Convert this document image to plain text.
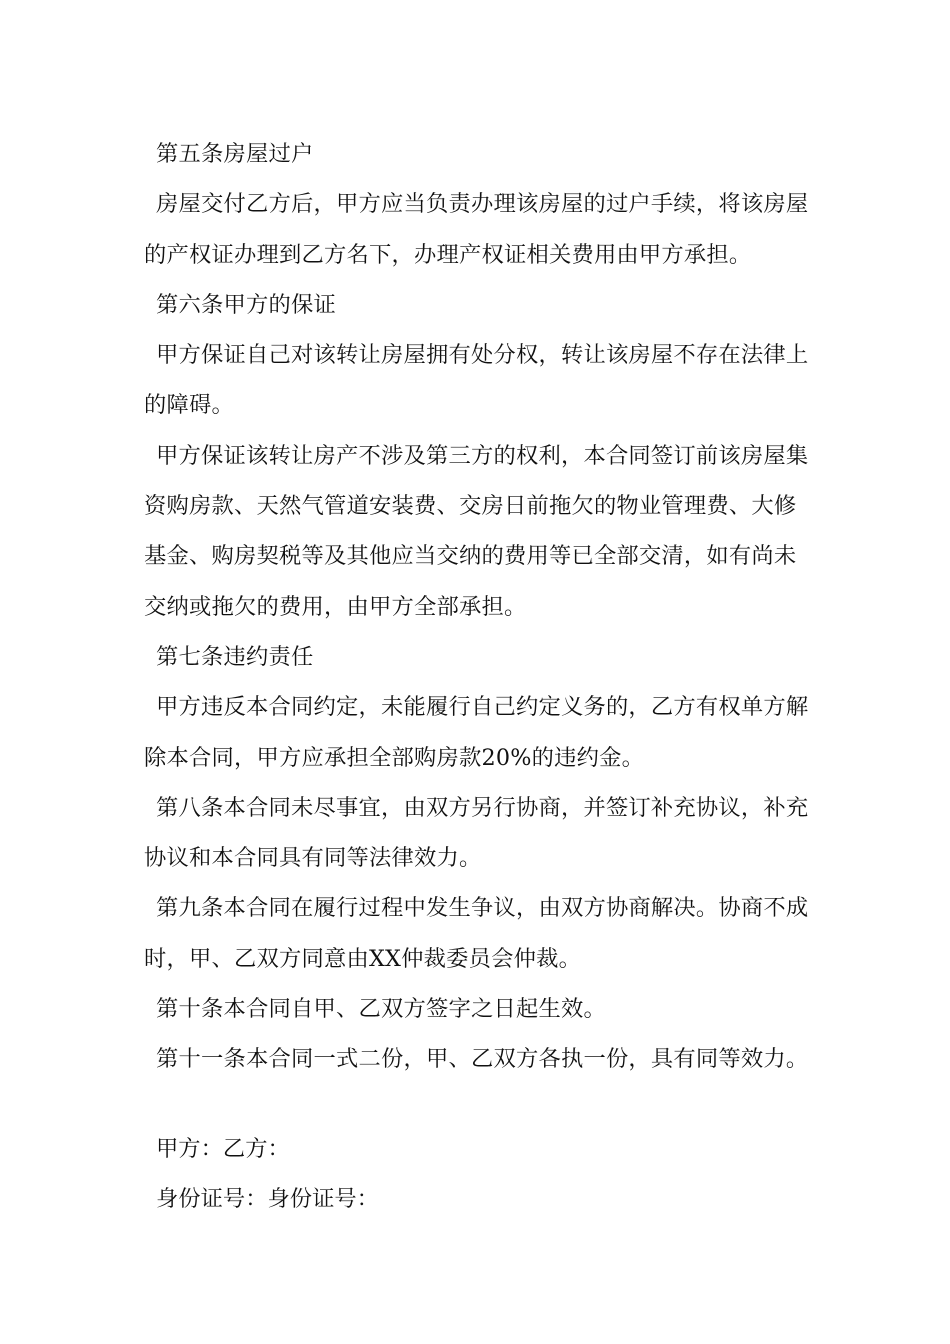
第五条房屋过户
房屋交付乙方后，甲方应当负责办理该房屋的过户手续，将该房屋
的产权证办理到乙方名下，办理产权证相关费用由甲方承担。
第六条甲方的保证
甲方保证自己对该转让房屋拥有处分权，转让该房屋不存在法律上
的障碍。
甲方保证该转让房产不涉及第三方的权利，本合同签订前该房屋集
资购房款、天然气管道安装费、交房日前拖欠的物业管理费、大修
基金、购房契税等及其他应当交纳的费用等已全部交清，如有尚未
交纳或拖欠的费用，由甲方全部承担。
第七条违约责任
甲方违反本合同约定，未能履行自己约定义务的，乙方有权单方解
除本合同，甲方应承担全部购房款20%的违约金。
第八条本合同未尽事宜，由双方另行协商，并签订补充协议，补充
协议和本合同具有同等法律效力。
第九条本合同在履行过程中发生争议，由双方协商解决。协商不成
时，甲、乙双方同意由XX仲裁委员会仲裁。
第十条本合同自甲、乙双方签字之日起生效。
第十一条本合同一式二份，甲、乙双方各执一份，具有同等效力。
甲方：乙方：
身份证号：身份证号：
